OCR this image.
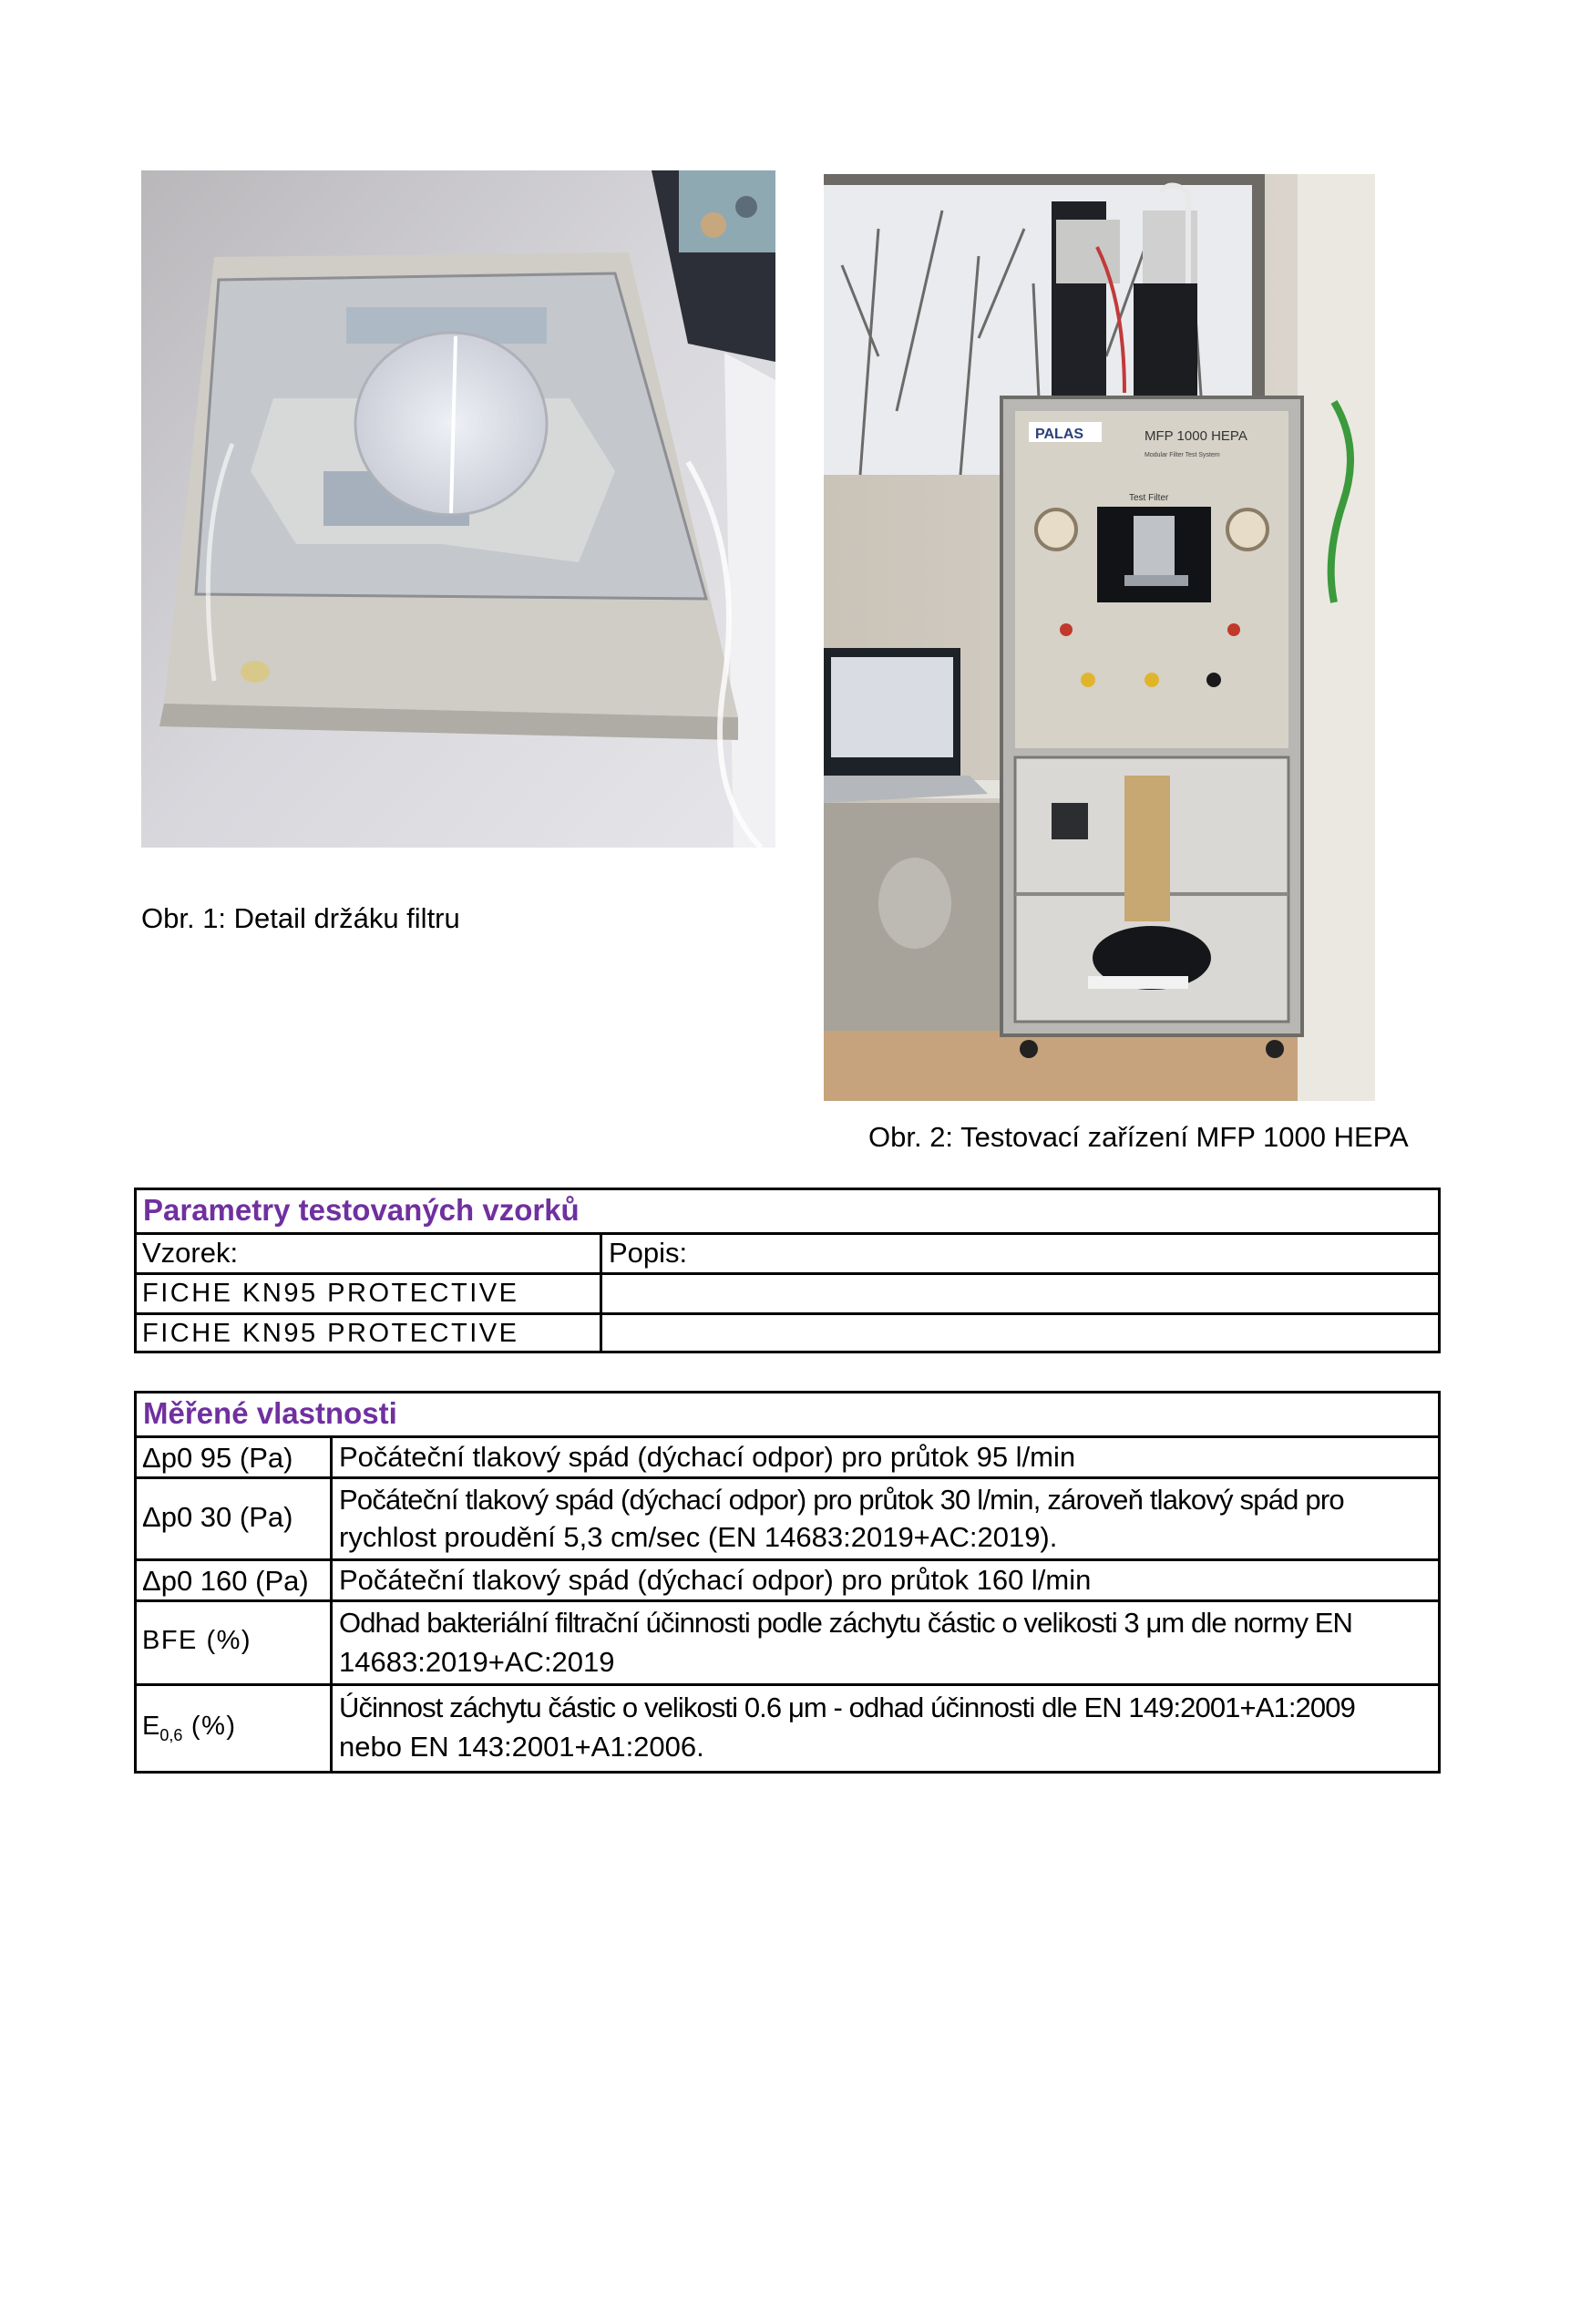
Obr. 1: Detail držáku filtru
PALAS	MFP 1000 HEPA
Modular Filter Test System
Test Filter
Obr. 2: Testovací zařízení MFP 1000 HEPA
Parametry testovaných vzorků
Vzorek:	Popis:
FICHE KN95 PROTECTIVE
FICHE KN95 PROTECTIVE
Měřené vlastnosti
Δp0 95 (Pa) Počáteční tlakový spád (dýchací odpor) pro průtok 95 l/min
Δp0 30 (Pa)
Počáteční tlakový spád (dýchací odpor) pro průtok 30 l/min, zároveň tlakový spád pro
rychlost proudění 5,3 cm/sec (EN 14683:2019+AC:2019).
Δp0 160 (Pa) Počáteční tlakový spád (dýchací odpor) pro průtok 160 l/min
BFE (%)
Odhad bakteriální filtrační účinnosti podle záchytu částic o velikosti 3 μm dle normy EN
14683:2019+AC:2019
$E_{0,6}$ (%)
Účinnost záchytu částic o velikosti 0.6 μm - odhad účinnosti dle EN 149:2001+A1:2009
nebo EN 143:2001+A1:2006.
